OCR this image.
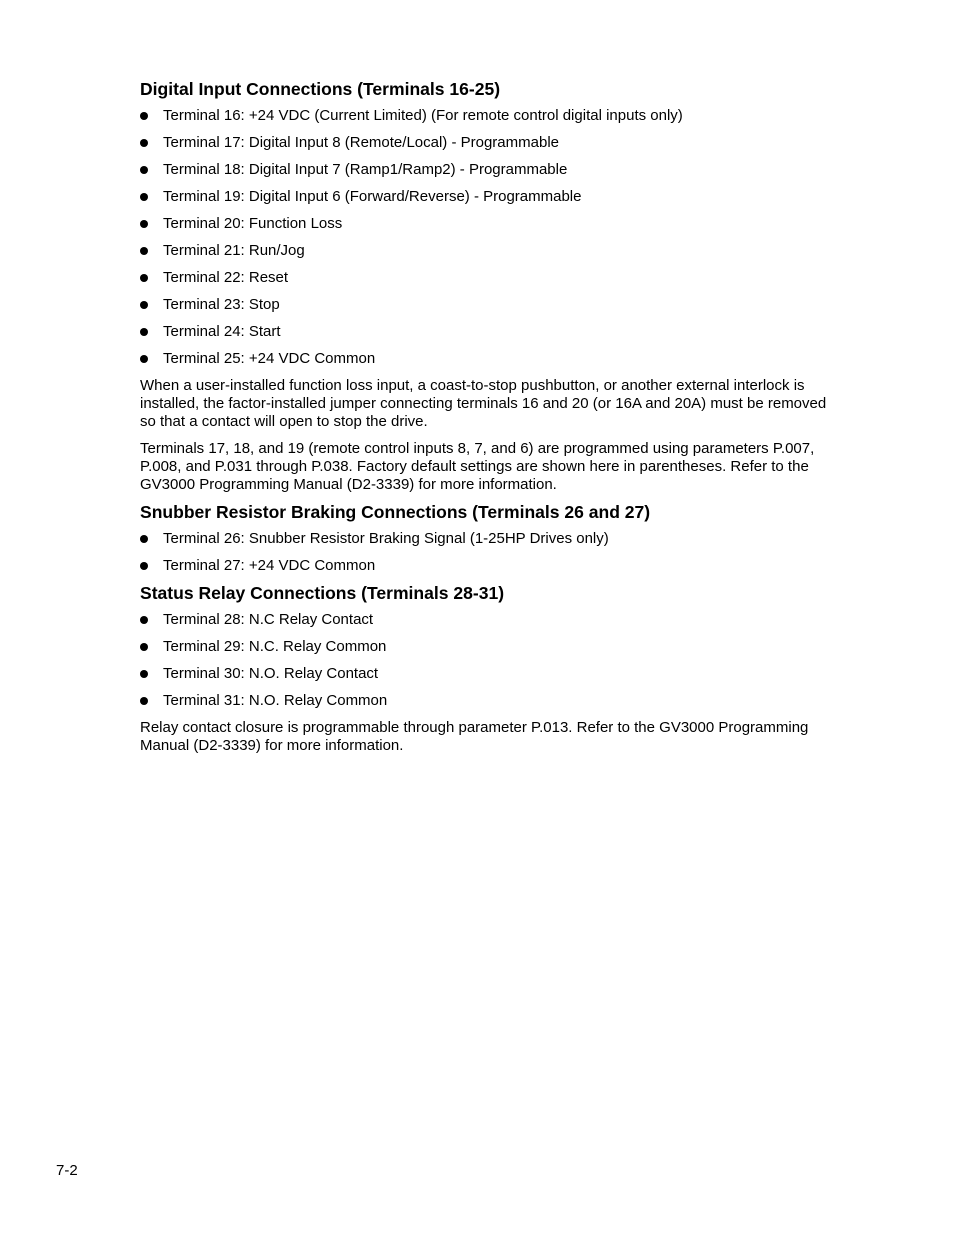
Digital Input Connections (Terminals 16-25)
Terminal 16: +24 VDC (Current Limited) (For remote control digital inputs only)
Terminal 17: Digital Input 8 (Remote/Local) - Programmable
Terminal 18: Digital Input 7 (Ramp1/Ramp2) - Programmable
Terminal 19: Digital Input 6 (Forward/Reverse) - Programmable
Terminal 20: Function Loss
Terminal 21: Run/Jog
Terminal 22: Reset
Terminal 23: Stop
Terminal 24: Start
Terminal 25: +24 VDC Common

When a user-installed function loss input, a coast-to-stop pushbutton, or another external interlock is installed, the factor-installed jumper connecting terminals 16 and 20 (or 16A and 20A) must be removed so that a contact will open to stop the drive.

Terminals 17, 18, and 19 (remote control inputs 8, 7, and 6) are programmed using parameters P.007, P.008, and P.031 through P.038. Factory default settings are shown here in parentheses. Refer to the GV3000 Programming Manual (D2-3339) for more information.

Snubber Resistor Braking Connections (Terminals 26 and 27)
Terminal 26: Snubber Resistor Braking Signal (1-25HP Drives only)
Terminal 27: +24 VDC Common
Status Relay Connections (Terminals 28-31)
Terminal 28: N.C Relay Contact
Terminal 29: N.C. Relay Common
Terminal 30: N.O. Relay Contact
Terminal 31: N.O. Relay Common

Relay contact closure is programmable through parameter P.013. Refer to the GV3000 Programming Manual (D2-3339) for more information.

7-2
